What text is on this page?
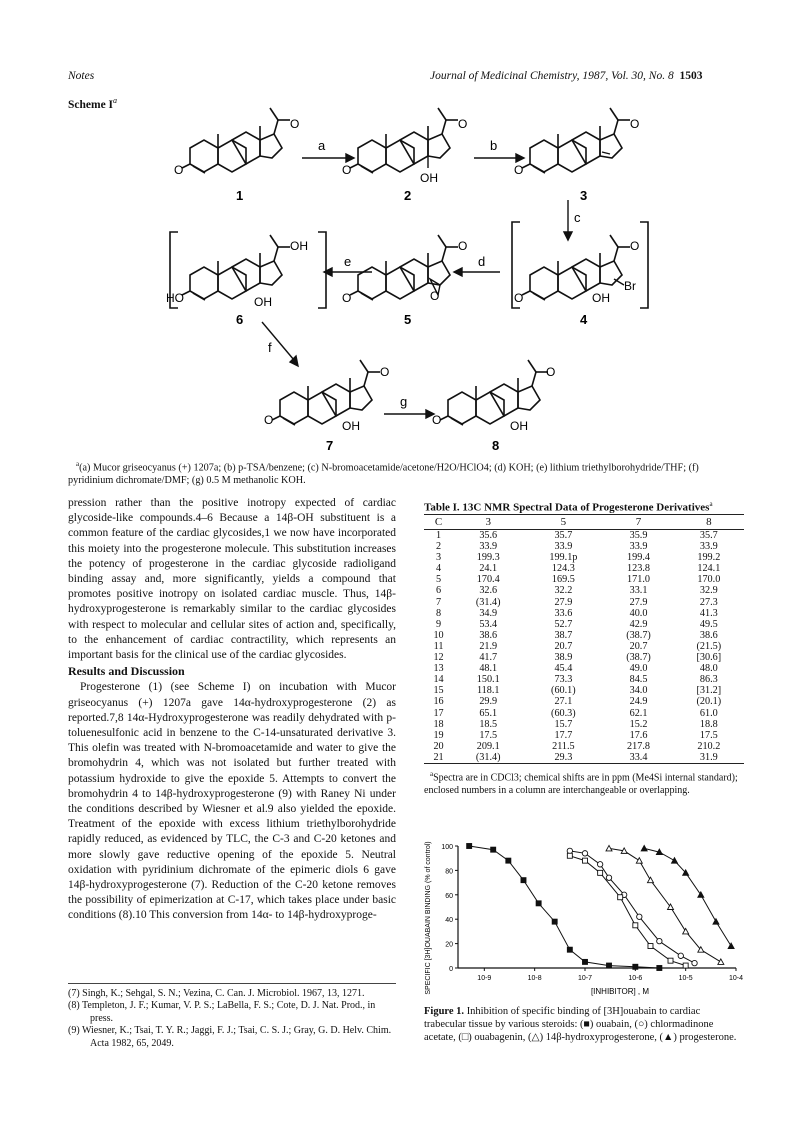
Notes	Journal of Medicinal Chemistry, 1987, Vol. 30, No. 8 1503
Scheme $I^a$
a	b
c
d
e
f
g
1	2	3
6	5	4
7	8
O
O
O
O
OH
O
O
OH
HO	OH
O
O	O
O
O	OH
Br
O
O	OH
O
O	OH
$^a$(a) Mucor griseocyanus (+) 1207a; (b) p-TSA/benzene; (c) N-bromoacetamide/acetone/H2O/HClO4; (d) KOH; (e) lithium triethylborohydride/THF; (f) pyridinium dichromate/DMF; (g) 0.5 M methanolic KOH.

pression rather than the positive inotropy expected of cardiac glycoside-like compounds.4–6 Because a 14β-OH substituent is a common feature of the cardiac glycosides,1 we now have incorporated this moiety into the progesterone molecule. This substitution increases the potency of progesterone in the cardiac glycoside radioligand binding assay and, more significantly, yields a compound that promotes positive inotropy on isolated cardiac muscle. Thus, 14β-hydroxyprogesterone is remarkably similar to the cardiac glycosides with respect to molecular and cellular sites of action and, specifically, to the enhancement of cardiac contractility, which represents an important basis for the clinical use of the cardiac glycosides.

Results and Discussion

Progesterone (1) (see Scheme I) on incubation with Mucor griseocyanus (+) 1207a gave 14α-hydroxyprogesterone (2) as reported.7,8 14α-Hydroxyprogesterone was readily dehydrated with p-toluenesulfonic acid in benzene to the C-14-unsaturated derivative 3. This olefin was treated with N-bromoacetamide and water to give the bromohydrin 4, which was not isolated but further treated with potassium hydroxide to give the epoxide 5. Attempts to convert the bromohydrin 4 to 14β-hydroxyprogesterone (9) with Raney Ni under the conditions described by Wiesner et al.9 also yielded the epoxide. Treatment of the epoxide with excess lithium triethylborohydride rapidly reduced, as evidenced by TLC, the C-3 and C-20 ketones and more slowly gave reductive opening of the epoxide 5. Neutral oxidation with pyridinium dichromate of the epimeric diols 6 gave 14β-hydroxyprogesterone (7). Reduction of the C-20 ketone removes the possibility of epimerization at C-17, which takes place under basic conditions (8).10 This conversion from 14α- to 14β-hydroxyproge-

(7) Singh, K.; Sehgal, S. N.; Vezina, C. Can. J. Microbiol. 1967, 13, 1271.
(8) Templeton, J. F.; Kumar, V. P. S.; LaBella, F. S.; Cote, D. J. Nat. Prod., in press.
(9) Wiesner, K.; Tsai, T. Y. R.; Jaggi, F. J.; Tsai, C. S. J.; Gray, G. D. Helv. Chim. Acta 1982, 65, 2049.
Table I. 13C NMR Spectral Data of Progesterone Derivatives$^a$
C	3	5	7	8
1	35.6	35.7	35.9	35.7
2	33.9	33.9	33.9	33.9
3	199.3	199.1p	199.4	199.2
4	24.1	124.3	123.8	124.1
5	170.4	169.5	171.0	170.0
6	32.6	32.2	33.1	32.9
7	(31.4)	27.9	27.9	27.3
8	34.9	33.6	40.0	41.3
9	53.4	52.7	42.9	49.5
10	38.6	38.7	(38.7)	38.6
11	21.9	20.7	20.7	(21.5)
12	41.7	38.9	(38.7)	[30.6]
13	48.1	45.4	49.0	48.0
14	150.1	73.3	84.5	86.3
15	118.1	(60.1)	34.0	[31.2]
16	29.9	27.1	24.9	(20.1)
17	65.1	(60.3)	62.1	61.0
18	18.5	15.7	15.2	18.8
19	17.5	17.7	17.6	17.5
20	209.1	211.5	217.8	210.2
21	(31.4)	29.3	33.4	31.9
$^a$Spectra are in CDCl3; chemical shifts are in ppm (Me4Si internal standard); enclosed numbers in a column are interchangeable or overlapping.
0
20
40
60
80
100
10-9	10-8	10-7	10-6	10-5	10-4
[INHIBITOR] , M
SPECIFIC [3H]OUABAIN BINDING (% of control)
Figure 1. Inhibition of specific binding of [3H]ouabain to cardiac trabecular tissue by various steroids: (■) ouabain, (○) chlormadinone acetate, (□) ouabagenin, (△) 14β-hydroxyprogesterone, (▲) progesterone.
